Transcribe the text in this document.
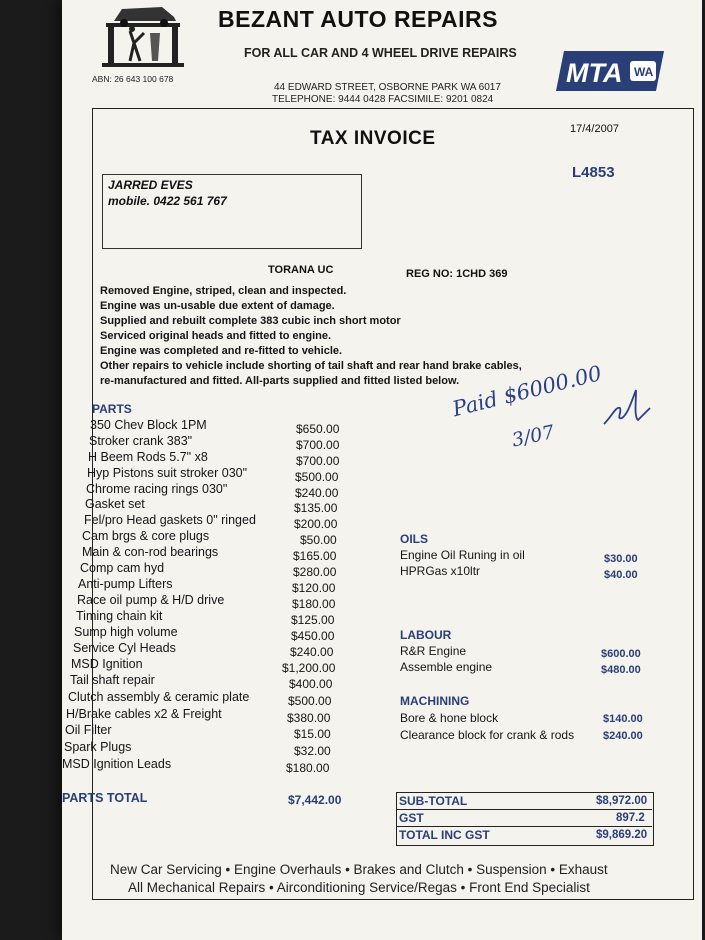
BEZANT AUTO REPAIRS
FOR ALL CAR AND 4 WHEEL DRIVE REPAIRS
ABN: 26 643 100 678
44 EDWARD STREET, OSBORNE PARK WA 6017
TELEPHONE: 9444 0428 FACSIMILE: 9201 0824
MTA WA
TAX INVOICE	17/4/2007
L4853
JARRED EVES
mobile. 0422 561 767
TORANA UC	REG NO: 1CHD 369
Removed Engine, striped, clean and inspected.
Engine was un-usable due extent of damage.
Supplied and rebuilt complete 383 cubic inch short motor
Serviced original heads and fitted to engine.
Engine was completed and re-fitted to vehicle.
Other repairs to vehicle include shorting of tail shaft and rear hand brake cables,
re-manufactured and fitted. All-parts supplied and fitted listed below.
PARTS
350 Chev Block 1PM	$650.00
Stroker crank 383"	$700.00
H Beem Rods 5.7" x8	$700.00
Hyp Pistons suit stroker 030"	$500.00
Chrome racing rings 030"	$240.00
Gasket set	$135.00
Fel/pro Head gaskets 0" ringed	$200.00
Cam brgs & core plugs	$50.00
Main & con-rod bearings	$165.00
Comp cam hyd	$280.00
Anti-pump Lifters	$120.00
Race oil pump & H/D drive	$180.00
Timing chain kit	$125.00
Sump high volume	$450.00
Service Cyl Heads	$240.00
MSD Ignition	$1,200.00
Tail shaft repair	$400.00
Clutch assembly & ceramic plate	$500.00
H/Brake cables x2 & Freight	$380.00
Oil Filter	$15.00
Spark Plugs	$32.00
MSD Ignition Leads	$180.00
PARTS TOTAL	$7,442.00
OILS
Engine Oil Runing in oil	$30.00
HPRGas x10ltr	$40.00
LABOUR
R&R Engine	$600.00
Assemble engine	$480.00
MACHINING
Bore & hone block	$140.00
Clearance block for crank & rods	$240.00
SUB-TOTAL	$8,972.00
GST	897.2
TOTAL INC GST	$9,869.20
Paid $6000.00
3/07
New Car Servicing • Engine Overhauls • Brakes and Clutch • Suspension • Exhaust
All Mechanical Repairs • Airconditioning Service/Regas • Front End Specialist
